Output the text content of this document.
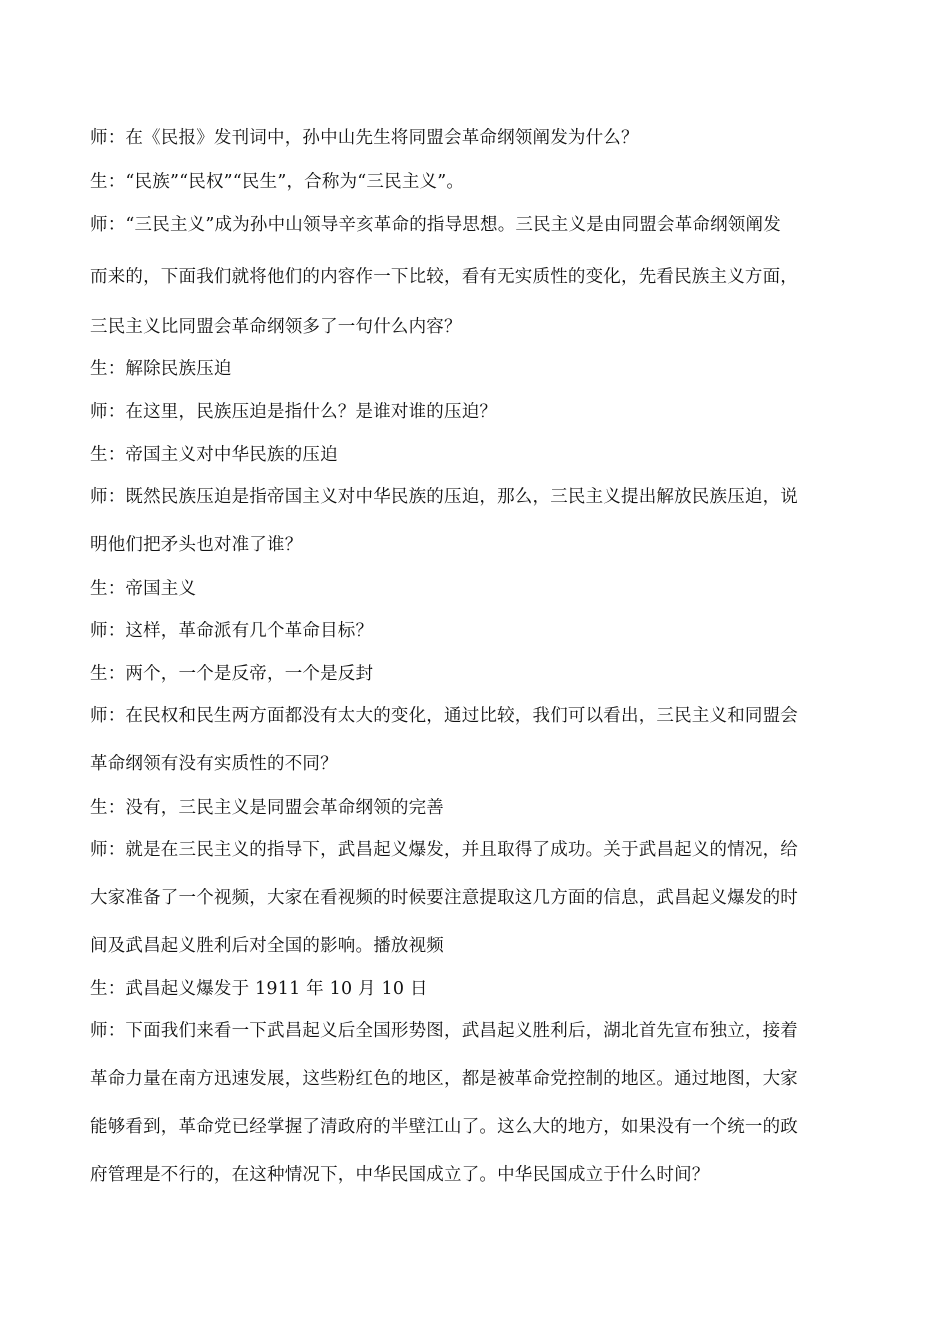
师：在《民报》发刊词中，孙中山先生将同盟会革命纲领阐发为什么？
生：“民族”“民权”“民生”，合称为“三民主义”。
师：“三民主义”成为孙中山领导辛亥革命的指导思想。三民主义是由同盟会革命纲领阐发
而来的，下面我们就将他们的内容作一下比较，看有无实质性的变化，先看民族主义方面，
三民主义比同盟会革命纲领多了一句什么内容？
生：解除民族压迫
师：在这里，民族压迫是指什么？是谁对谁的压迫？
生：帝国主义对中华民族的压迫
师：既然民族压迫是指帝国主义对中华民族的压迫，那么，三民主义提出解放民族压迫，说
明他们把矛头也对准了谁？
生：帝国主义
师：这样，革命派有几个革命目标？
生：两个，一个是反帝，一个是反封
师：在民权和民生两方面都没有太大的变化，通过比较，我们可以看出，三民主义和同盟会
革命纲领有没有实质性的不同？
生：没有，三民主义是同盟会革命纲领的完善
师：就是在三民主义的指导下，武昌起义爆发，并且取得了成功。关于武昌起义的情况，给
大家准备了一个视频，大家在看视频的时候要注意提取这几方面的信息，武昌起义爆发的时
间及武昌起义胜利后对全国的影响。播放视频
生：武昌起义爆发于 1911 年 10 月 10 日
师：下面我们来看一下武昌起义后全国形势图，武昌起义胜利后，湖北首先宣布独立，接着
革命力量在南方迅速发展，这些粉红色的地区，都是被革命党控制的地区。通过地图，大家
能够看到，革命党已经掌握了清政府的半壁江山了。这么大的地方，如果没有一个统一的政
府管理是不行的，在这种情况下，中华民国成立了。中华民国成立于什么时间？
